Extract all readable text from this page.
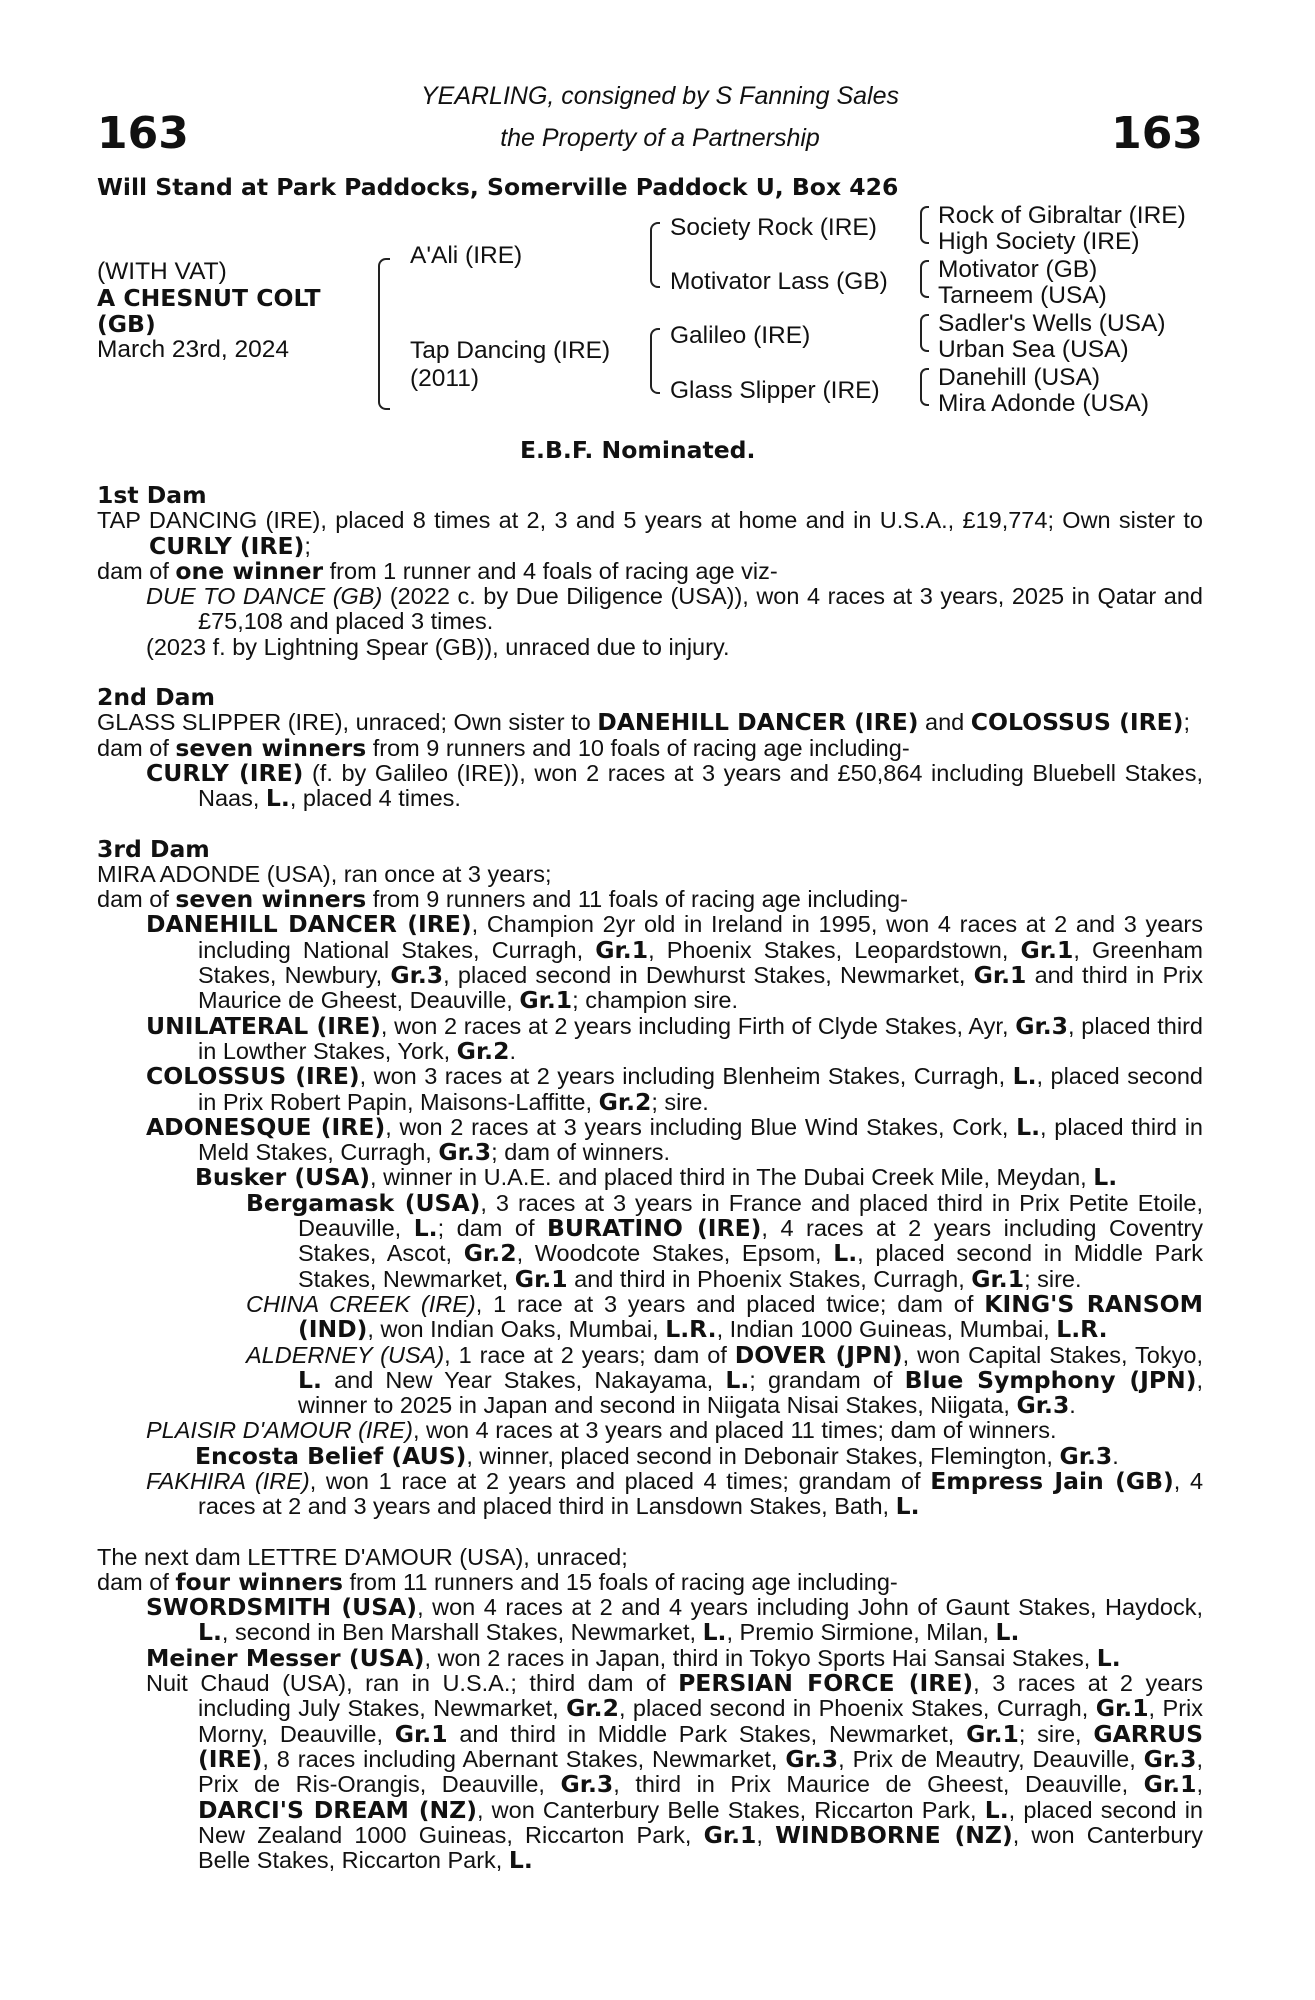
163	163
YEARLING, consigned by S Fanning Sales
the Property of a Partnership
Will Stand at Park Paddocks, Somerville Paddock U, Box 426
(WITH VAT)
A CHESNUT COLT
(GB)
March 23rd, 2024
A'Ali (IRE)
Tap Dancing (IRE)
(2011)
Society Rock (IRE)
Motivator Lass (GB)
Galileo (IRE)
Glass Slipper (IRE)
Rock of Gibraltar (IRE)
High Society (IRE)
Motivator (GB)
Tarneem (USA)
Sadler's Wells (USA)
Urban Sea (USA)
Danehill (USA)
Mira Adonde (USA)
E.B.F. Nominated.
1st Dam

TAP DANCING (IRE), placed 8 times at 2, 3 and 5 years at home and in U.S.A., £19,774; Own sister to CURLY (IRE);

dam of one winner from 1 runner and 4 foals of racing age viz-

DUE TO DANCE (GB) (2022 c. by Due Diligence (USA)), won 4 races at 3 years, 2025 in Qatar and £75,108 and placed 3 times.

(2023 f. by Lightning Spear (GB)), unraced due to injury.

2nd Dam

GLASS SLIPPER (IRE), unraced; Own sister to DANEHILL DANCER (IRE) and COLOSSUS (IRE);

dam of seven winners from 9 runners and 10 foals of racing age including-

CURLY (IRE) (f. by Galileo (IRE)), won 2 races at 3 years and £50,864 including Bluebell Stakes, Naas, L., placed 4 times.

3rd Dam

MIRA ADONDE (USA), ran once at 3 years;

dam of seven winners from 9 runners and 11 foals of racing age including-

DANEHILL DANCER (IRE), Champion 2yr old in Ireland in 1995, won 4 races at 2 and 3 years including National Stakes, Curragh, Gr.1, Phoenix Stakes, Leopardstown, Gr.1, Greenham Stakes, Newbury, Gr.3, placed second in Dewhurst Stakes, Newmarket, Gr.1 and third in Prix Maurice de Gheest, Deauville, Gr.1; champion sire.

UNILATERAL (IRE), won 2 races at 2 years including Firth of Clyde Stakes, Ayr, Gr.3, placed third in Lowther Stakes, York, Gr.2.

COLOSSUS (IRE), won 3 races at 2 years including Blenheim Stakes, Curragh, L., placed second in Prix Robert Papin, Maisons-Laffitte, Gr.2; sire.

ADONESQUE (IRE), won 2 races at 3 years including Blue Wind Stakes, Cork, L., placed third in Meld Stakes, Curragh, Gr.3; dam of winners.

Busker (USA), winner in U.A.E. and placed third in The Dubai Creek Mile, Meydan, L.

Bergamask (USA), 3 races at 3 years in France and placed third in Prix Petite Etoile, Deauville, L.; dam of BURATINO (IRE), 4 races at 2 years including Coventry Stakes, Ascot, Gr.2, Woodcote Stakes, Epsom, L., placed second in Middle Park Stakes, Newmarket, Gr.1 and third in Phoenix Stakes, Curragh, Gr.1; sire.

CHINA CREEK (IRE), 1 race at 3 years and placed twice; dam of KING'S RANSOM (IND), won Indian Oaks, Mumbai, L.R., Indian 1000 Guineas, Mumbai, L.R.

ALDERNEY (USA), 1 race at 2 years; dam of DOVER (JPN), won Capital Stakes, Tokyo, L. and New Year Stakes, Nakayama, L.; grandam of Blue Symphony (JPN), winner to 2025 in Japan and second in Niigata Nisai Stakes, Niigata, Gr.3.

PLAISIR D'AMOUR (IRE), won 4 races at 3 years and placed 11 times; dam of winners.

Encosta Belief (AUS), winner, placed second in Debonair Stakes, Flemington, Gr.3.

FAKHIRA (IRE), won 1 race at 2 years and placed 4 times; grandam of Empress Jain (GB), 4 races at 2 and 3 years and placed third in Lansdown Stakes, Bath, L.

The next dam LETTRE D'AMOUR (USA), unraced;

dam of four winners from 11 runners and 15 foals of racing age including-

SWORDSMITH (USA), won 4 races at 2 and 4 years including John of Gaunt Stakes, Haydock, L., second in Ben Marshall Stakes, Newmarket, L., Premio Sirmione, Milan, L.

Meiner Messer (USA), won 2 races in Japan, third in Tokyo Sports Hai Sansai Stakes, L.

Nuit Chaud (USA), ran in U.S.A.; third dam of PERSIAN FORCE (IRE), 3 races at 2 years including July Stakes, Newmarket, Gr.2, placed second in Phoenix Stakes, Curragh, Gr.1, Prix Morny, Deauville, Gr.1 and third in Middle Park Stakes, Newmarket, Gr.1; sire, GARRUS (IRE), 8 races including Abernant Stakes, Newmarket, Gr.3, Prix de Meautry, Deauville, Gr.3, Prix de Ris-Orangis, Deauville, Gr.3, third in Prix Maurice de Gheest, Deauville, Gr.1, DARCI'S DREAM (NZ), won Canterbury Belle Stakes, Riccarton Park, L., placed second in New Zealand 1000 Guineas, Riccarton Park, Gr.1, WINDBORNE (NZ), won Canterbury Belle Stakes, Riccarton Park, L.
